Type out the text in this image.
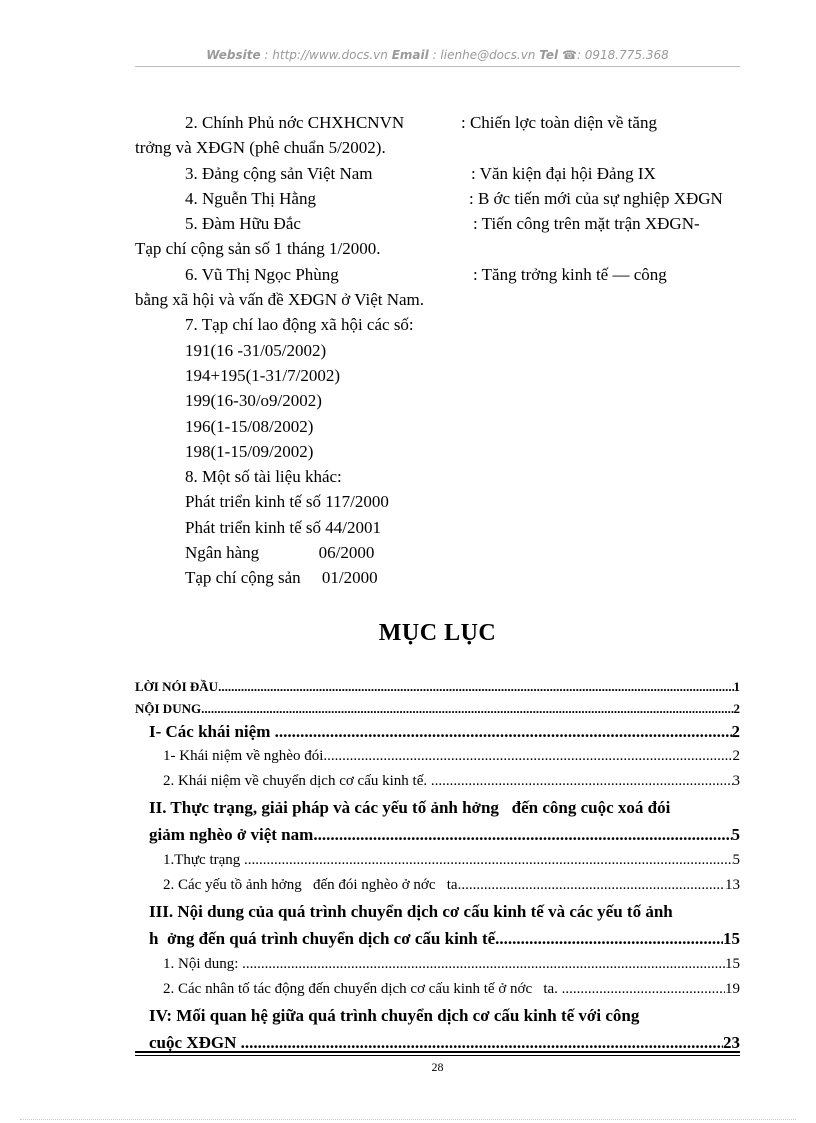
Website : http://www.docs.vn Email : lienhe@docs.vn Tel ☎: 0918.775.368
2. Chính Phủ nớc CHXHCNVN	: Chiến lợc toàn diện về tăng
trởng và XĐGN (phê chuẩn 5/2002).
3. Đảng cộng sản Việt Nam	: Văn kiện đại hội Đảng IX
4. Nguễn Thị Hằng	: B ớc tiến mới của sự nghiệp XĐGN
5. Đàm Hữu Đắc	: Tiến công trên mặt trận XĐGN-
Tạp chí cộng sản số 1 tháng 1/2000.
6. Vũ Thị Ngọc Phùng	: Tăng trởng kinh tế — công
bằng xã hội và vấn đề XĐGN ở Việt Nam.
7. Tạp chí lao động xã hội các số:
191(16 -31/05/2002)
194+195(1-31/7/2002)
199(16-30/o9/2002)
196(1-15/08/2002)
198(1-15/09/2002)
8. Một số tài liệu khác:
Phát triển kinh tế số 117/2000
Phát triển kinh tế số 44/2001
Ngân hàng              06/2000
Tạp chí cộng sản     01/2000
MỤC LỤC
LỜI NÓI ĐẦU .....	1
NỘI DUNG .....	2
I- Các khái niệm .....	2
1- Khái niệm về nghèo đói. .....	2
2. Khái niệm về chuyển dịch cơ cấu kinh tế. .....	3
II. Thực trạng, giải pháp và các yếu tố ảnh hởng   đến công cuộc xoá đói
giảm nghèo ở việt nam .....	5
1.Thực trạng .....	5
2. Các yếu tồ ảnh hởng   đến đói nghèo ở nớc   ta .....	13
III. Nội dung của quá trình chuyển dịch cơ cấu kinh tế và các yếu tố ảnh
h  ởng đến quá trình chuyển dịch cơ cấu kinh tế. .....	15
1. Nội dung: .....	15
2. Các nhân tố tác động đến chuyển dịch cơ cấu kinh tế ở nớc   ta. .....	19
IV: Mối quan hệ giữa quá trình chuyển dịch cơ cấu kinh tế với công
cuộc XĐGN .....	23
28
